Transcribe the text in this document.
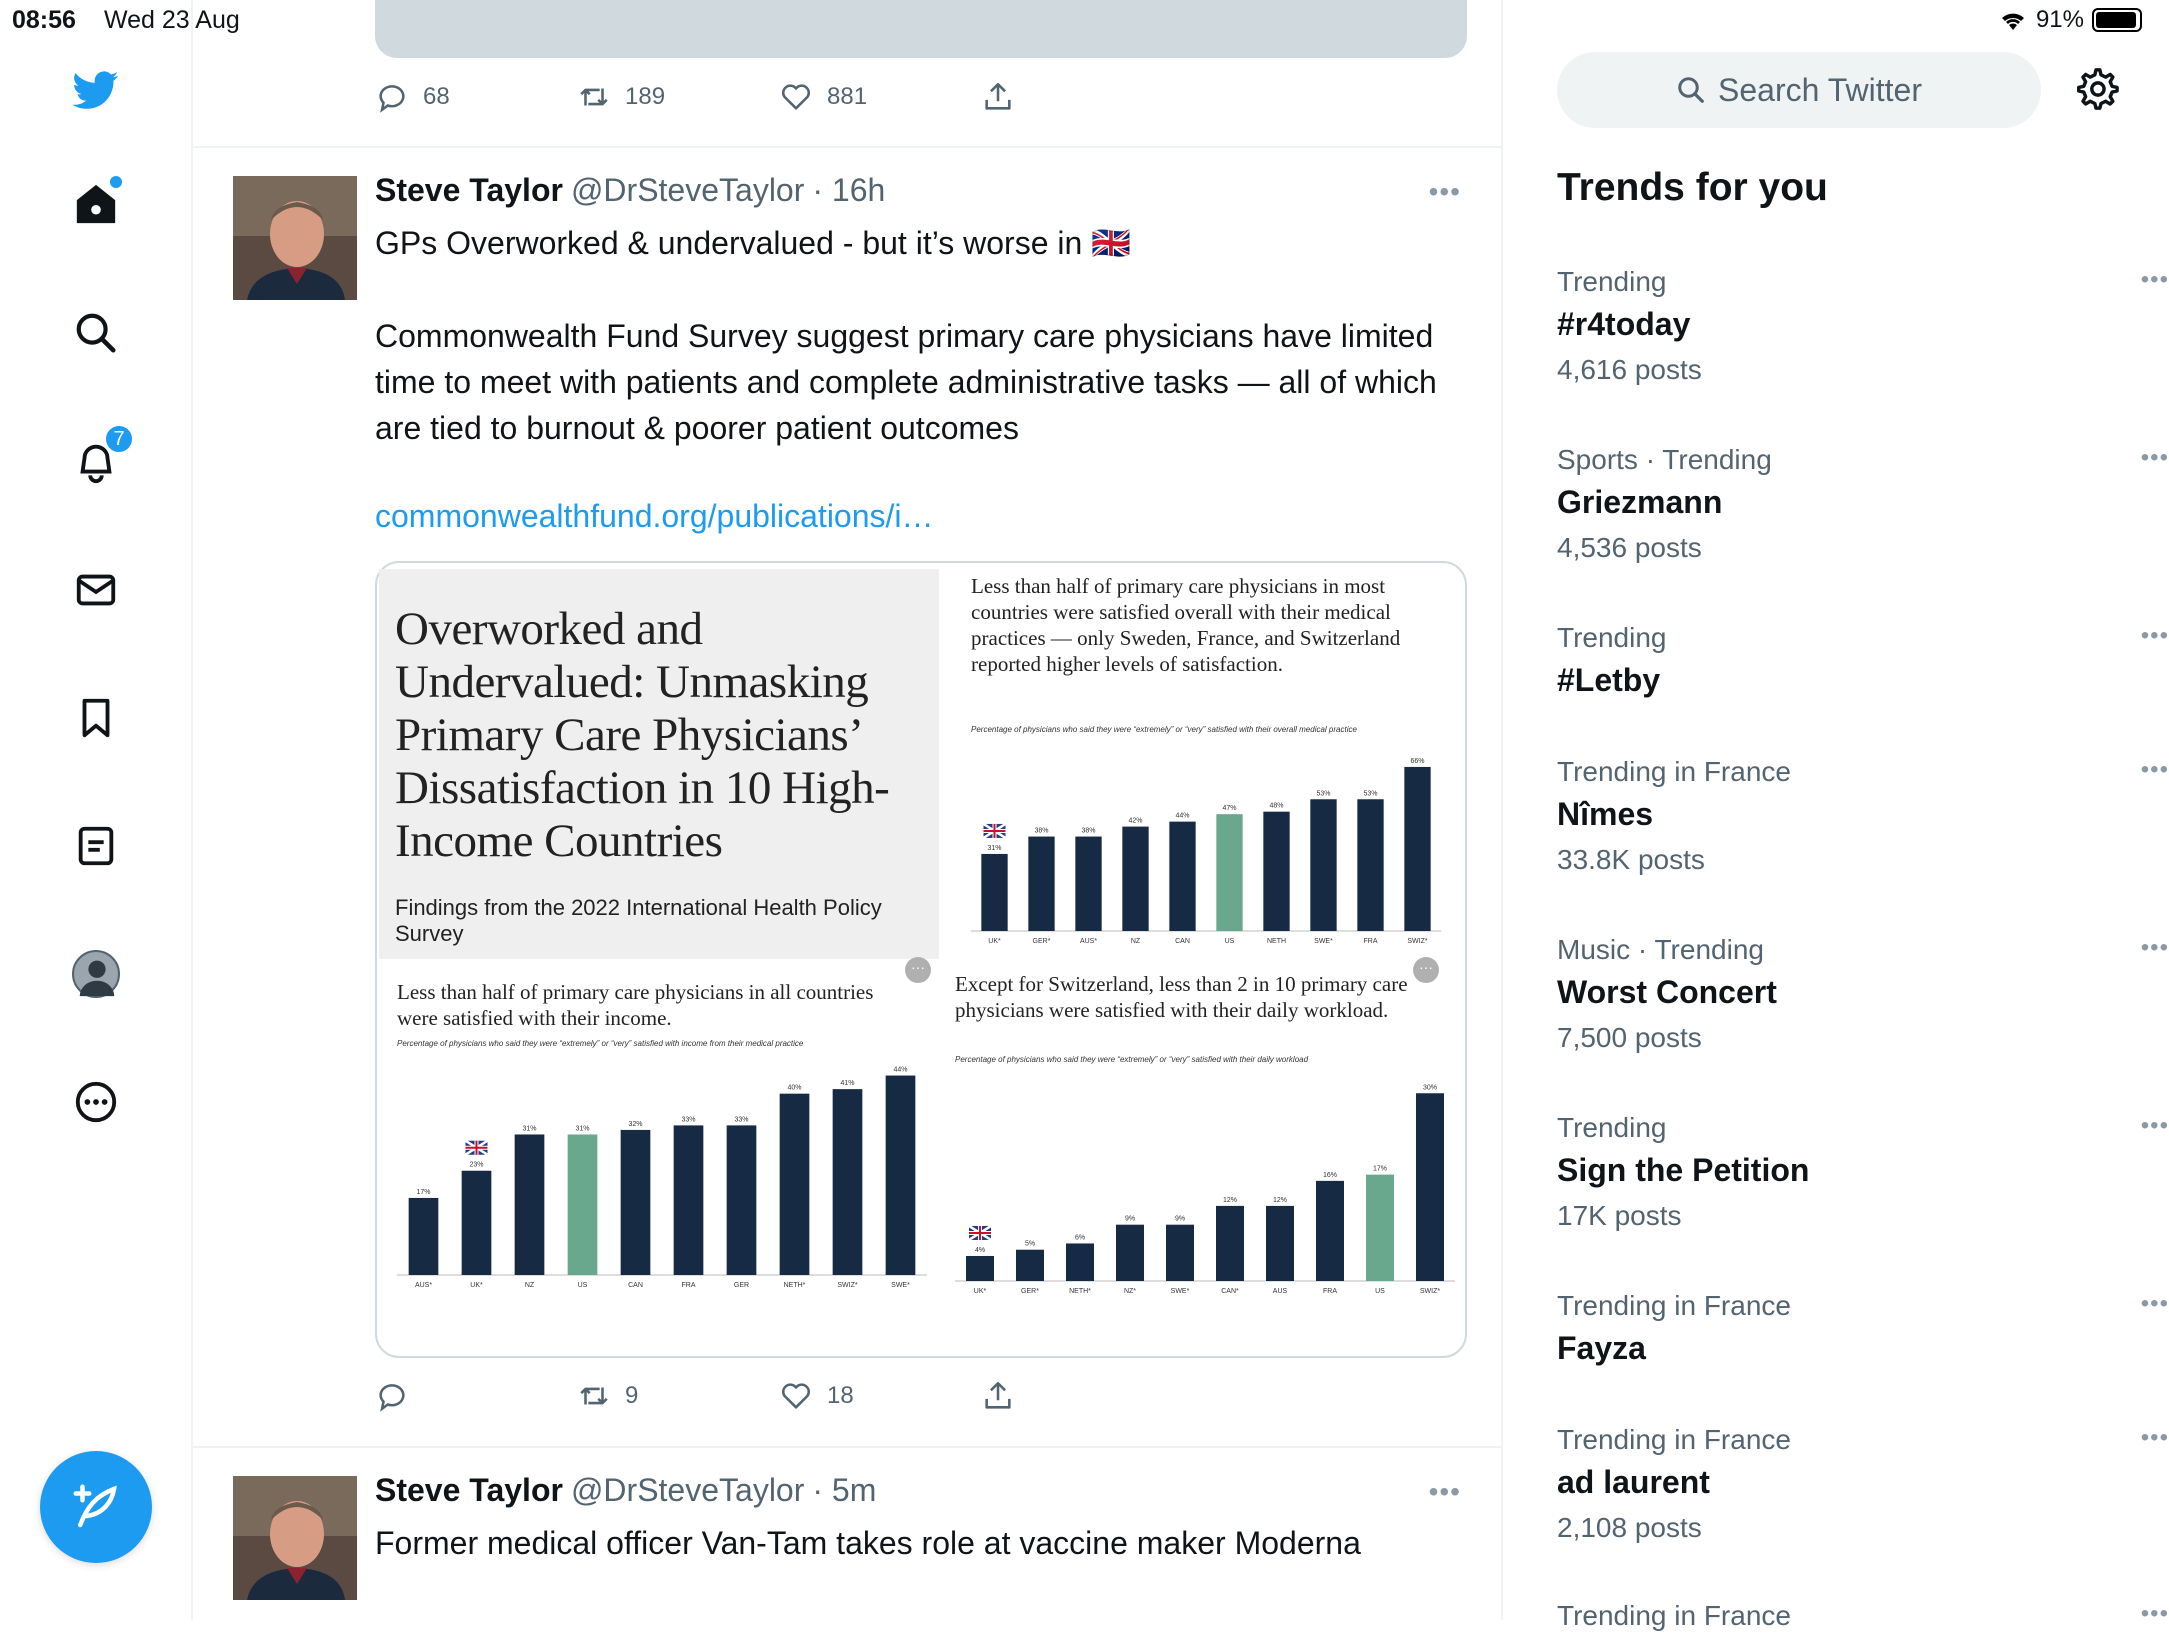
08:56 Wed 23 Aug	91%
7
68	189	881
Steve Taylor @DrSteveTaylor · 16h	•••
GPs Overworked & undervalued - but it’s worse in 🇬🇧
Commonwealth Fund Survey suggest primary care physicians have limited time to meet with patients and complete administrative tasks — all of which are tied to burnout & poorer patient outcomes
commonwealthfund.org/publications/i…
Overworked and Undervalued: Unmasking Primary Care Physicians’ Dissatisfaction in 10 High-Income Countries

Findings from the 2022 International Health Policy Survey

Less than half of primary care physicians in most countries were satisfied overall with their medical practices — only Sweden, France, and Switzerland reported higher levels of satisfaction.
Percentage of physicians who said they were “extremely” or “very” satisfied with their overall medical practice
31%
UK*
38%
GER*
38%
AUS*
42%
NZ
44%
CAN
47%
US
48%
NETH
53%
SWE*
53%
FRA
66%
SWIZ*
Less than half of primary care physicians in all countries were satisfied with their income.
Percentage of physicians who said they were “extremely” or “very” satisfied with income from their medical practice
···
17%
AUS*
23%
UK*
31%
NZ
31%
US
32%
CAN
33%
FRA
33%
GER
40%
NETH*
41%
SWIZ*
44%
SWE*
Except for Switzerland, less than 2 in 10 primary care physicians were satisfied with their daily workload.
Percentage of physicians who said they were “extremely” or “very” satisfied with their daily workload
···
4%
UK*
5%
GER*
6%
NETH*
9%
NZ*
9%
SWE*
12%
CAN*
12%
AUS
16%
FRA
17%
US
30%
SWIZ*
9	18
Steve Taylor @DrSteveTaylor · 5m	•••
Former medical officer Van-Tam takes role at vaccine maker Moderna
Search Twitter
Trends for you
Trending
#r4today
4,616 posts
•••
Sports · Trending
Griezmann
4,536 posts
•••
Trending
#Letby
•••
Trending in France
Nîmes
33.8K posts
•••
Music · Trending
Worst Concert
7,500 posts
•••
Trending
Sign the Petition
17K posts
•••
Trending in France
Fayza
•••
Trending in France
ad laurent
2,108 posts
•••
Trending in France	•••
